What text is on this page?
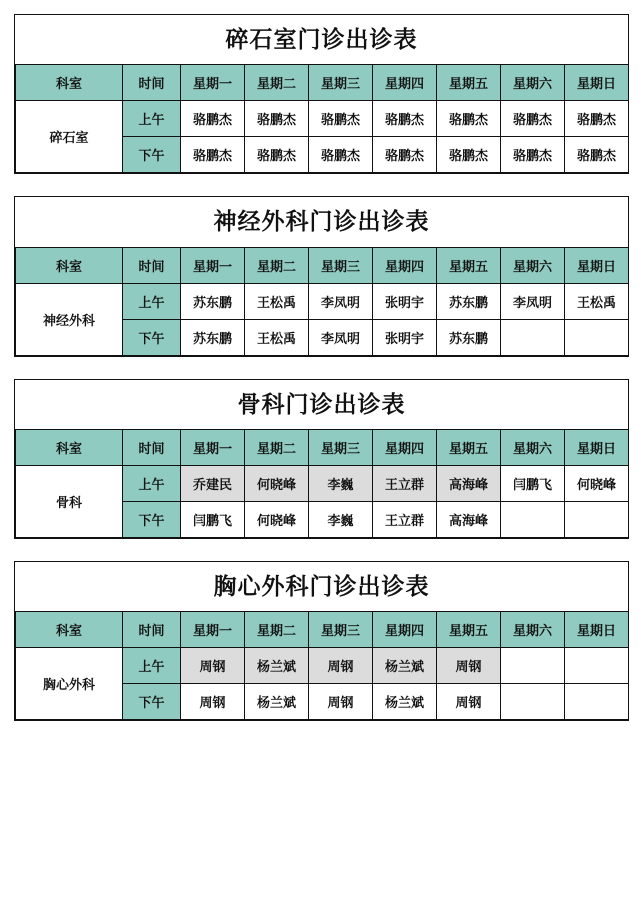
碎石室门诊出诊表
科室	时间	星期一	星期二	星期三	星期四	星期五	星期六	星期日
碎石室	上午	骆鹏杰	骆鹏杰	骆鹏杰	骆鹏杰	骆鹏杰	骆鹏杰	骆鹏杰
	下午	骆鹏杰	骆鹏杰	骆鹏杰	骆鹏杰	骆鹏杰	骆鹏杰	骆鹏杰
神经外科门诊出诊表
科室	时间	星期一	星期二	星期三	星期四	星期五	星期六	星期日
神经外科	上午	苏东鹏	王松禹	李凤明	张明宇	苏东鹏	李凤明	王松禹
	下午	苏东鹏	王松禹	李凤明	张明宇	苏东鹏		
骨科门诊出诊表
科室	时间	星期一	星期二	星期三	星期四	星期五	星期六	星期日
骨科	上午	乔建民	何晓峰	李巍	王立群	高海峰	闫鹏飞	何晓峰
	下午	闫鹏飞	何晓峰	李巍	王立群	高海峰		
胸心外科门诊出诊表
科室	时间	星期一	星期二	星期三	星期四	星期五	星期六	星期日
胸心外科	上午	周钢	杨兰斌	周钢	杨兰斌	周钢		
	下午	周钢	杨兰斌	周钢	杨兰斌	周钢		
